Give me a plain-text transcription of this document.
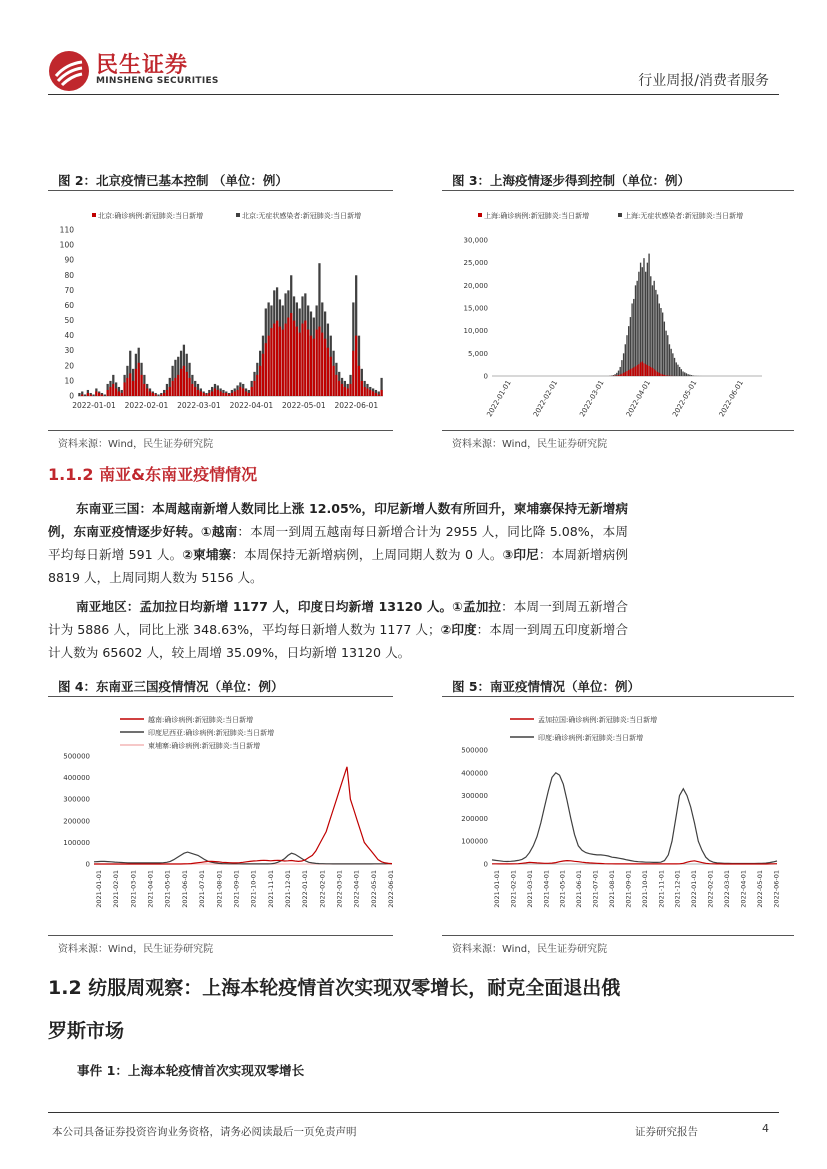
民生证券
MINSHENG SECURITIES	行业周报/消费者服务
图 2：北京疫情已基本控制 （单位：例）
北京:确诊病例:新冠肺炎:当日新增	北京:无症状感染者:新冠肺炎:当日新增
0
10
20
30
40
50
60
70
80
90
100
110
2022-01-01 2022-02-01 2022-03-01 2022-04-01 2022-05-01 2022-06-01
资料来源：Wind，民生证券研究院
图 3：上海疫情逐步得到控制（单位：例）
上海:确诊病例:新冠肺炎:当日新增	上海:无症状感染者:新冠肺炎:当日新增
0
5,000
10,000
15,000
20,000
25,000
30,000
2022-01-01	2022-02-01	2022-03-01	2022-04-01	2022-05-01	2022-06-01
资料来源：Wind，民生证券研究院
1.1.2 南亚&东南亚疫情情况
东南亚三国：本周越南新增人数同比上涨 12.05%，印尼新增人数有所回升，柬埔寨保持无新增病例，东南亚疫情逐步好转。①越南：本周一到周五越南每日新增合计为 2955 人，同比降 5.08%，本周平均每日新增 591 人。②柬埔寨：本周保持无新增病例，上周同期人数为 0 人。③印尼：本周新增病例 8819 人，上周同期人数为 5156 人。
南亚地区：孟加拉日均新增 1177 人，印度日均新增 13120 人。①孟加拉：本周一到周五新增合计为 5886 人，同比上涨 348.63%，平均每日新增人数为 1177 人；②印度：本周一到周五印度新增合计人数为 65602 人，较上周增 35.09%，日均新增 13120 人。
图 4：东南亚三国疫情情况（单位：例）
越南:确诊病例:新冠肺炎:当日新增
印度尼西亚:确诊病例:新冠肺炎:当日新增
柬埔寨:确诊病例:新冠肺炎:当日新增
0
100000
200000
300000
400000
500000
2021-01-01 2021-02-01 2021-03-01 2021-04-01 2021-05-01 2021-06-01 2021-07-01 2021-08-01 2021-09-01 2021-10-01 2021-11-01 2021-12-01 2022-01-01 2022-02-01 2022-03-01 2022-04-01 2022-05-01 2022-06-01
资料来源：Wind，民生证券研究院
图 5：南亚疫情情况（单位：例）
孟加拉国:确诊病例:新冠肺炎:当日新增
印度:确诊病例:新冠肺炎:当日新增
0
100000
200000
300000
400000
500000
2021-01-01 2021-02-01 2021-03-01 2021-04-01 2021-05-01 2021-06-01 2021-07-01 2021-08-01 2021-09-01 2021-10-01 2021-11-01 2021-12-01 2022-01-01 2022-02-01 2022-03-01 2022-04-01 2022-05-01 2022-06-01
资料来源：Wind，民生证券研究院
1.2 纺服周观察：上海本轮疫情首次实现双零增长，耐克全面退出俄
罗斯市场
事件 1：上海本轮疫情首次实现双零增长
本公司具备证券投资咨询业务资格，请务必阅读最后一页免责声明	证券研究报告	4
